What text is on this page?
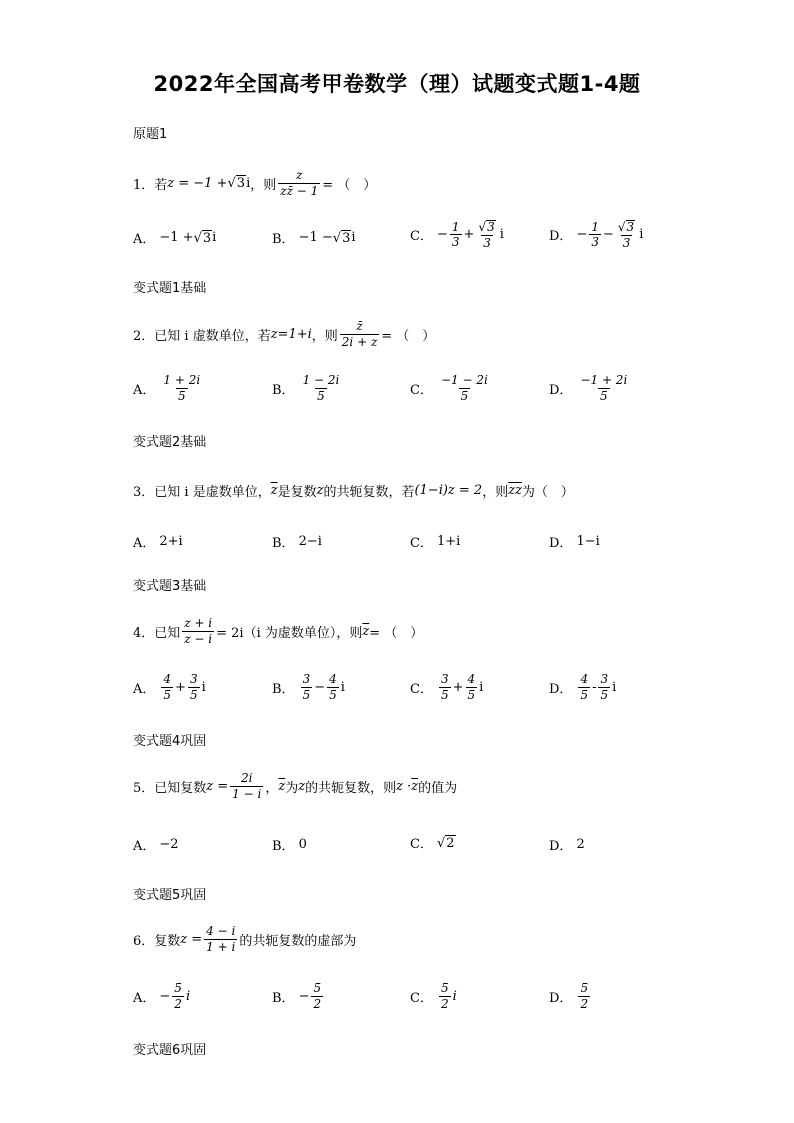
2022年全国高考甲卷数学（理）试题变式题1-4题
原题1
1．若 z = −1 + √ 3 i ，则 $\frac{z}{zz̄ - 1}$ = （　）
A． −1 + √ 3 i	B． −1 − √ 3 i	C． − $\frac{1}{3} + \frac{√ 3}{3}$ i	D． − $\frac{1}{3} - \frac{√ 3}{3}$ i
变式题1基础
2．已知 i 虚数单位，若 z=1+i ，则 $\frac{z̄}{2i + z}$ = （　）
A． $\frac{1 + 2i}{5}$	B． $\frac{1 - 2i}{5}$	C． $\frac{-1 - 2i}{5}$	D． $\frac{-1 + 2i}{5}$
变式题2基础
3．已知 i 是虚数单位， $\overline{z}$ 是复数 z 的共轭复数，若 (1−i)z = 2 ，则 $\overline{zz}$ 为（　）
A． 2+i	B． 2−i	C． 1+i	D． 1−i
变式题3基础
4．已知 $\frac{z + i}{z - i} = 2i(i$ 为虚数单位），则 $\overline{z}$ = （　）
A． $\frac{4}{5} + \frac{3}{5}$ i	B． $\frac{3}{5} - \frac{4}{5}$ i	C． $\frac{3}{5} + \frac{4}{5}$ i	D． $\frac{4}{5} - \frac{3}{5}$ i
变式题4巩固
5．已知复数 $z = \frac{2i}{1 - i}$ ， $\overline{z}$ 为 z 的共轭复数，则 $z \cdot \overline{z}$ 的值为
A． −2	B． 0	C． √ 2	D． 2
变式题5巩固
6．复数 $z = \frac{4 - i}{1 + i}$ 的共轭复数的虚部为
A． − $\frac{5}{2}$ i	B． − $\frac{5}{2}$	C． $\frac{5}{2}$ i	D． $\frac{5}{2}$
变式题6巩固
